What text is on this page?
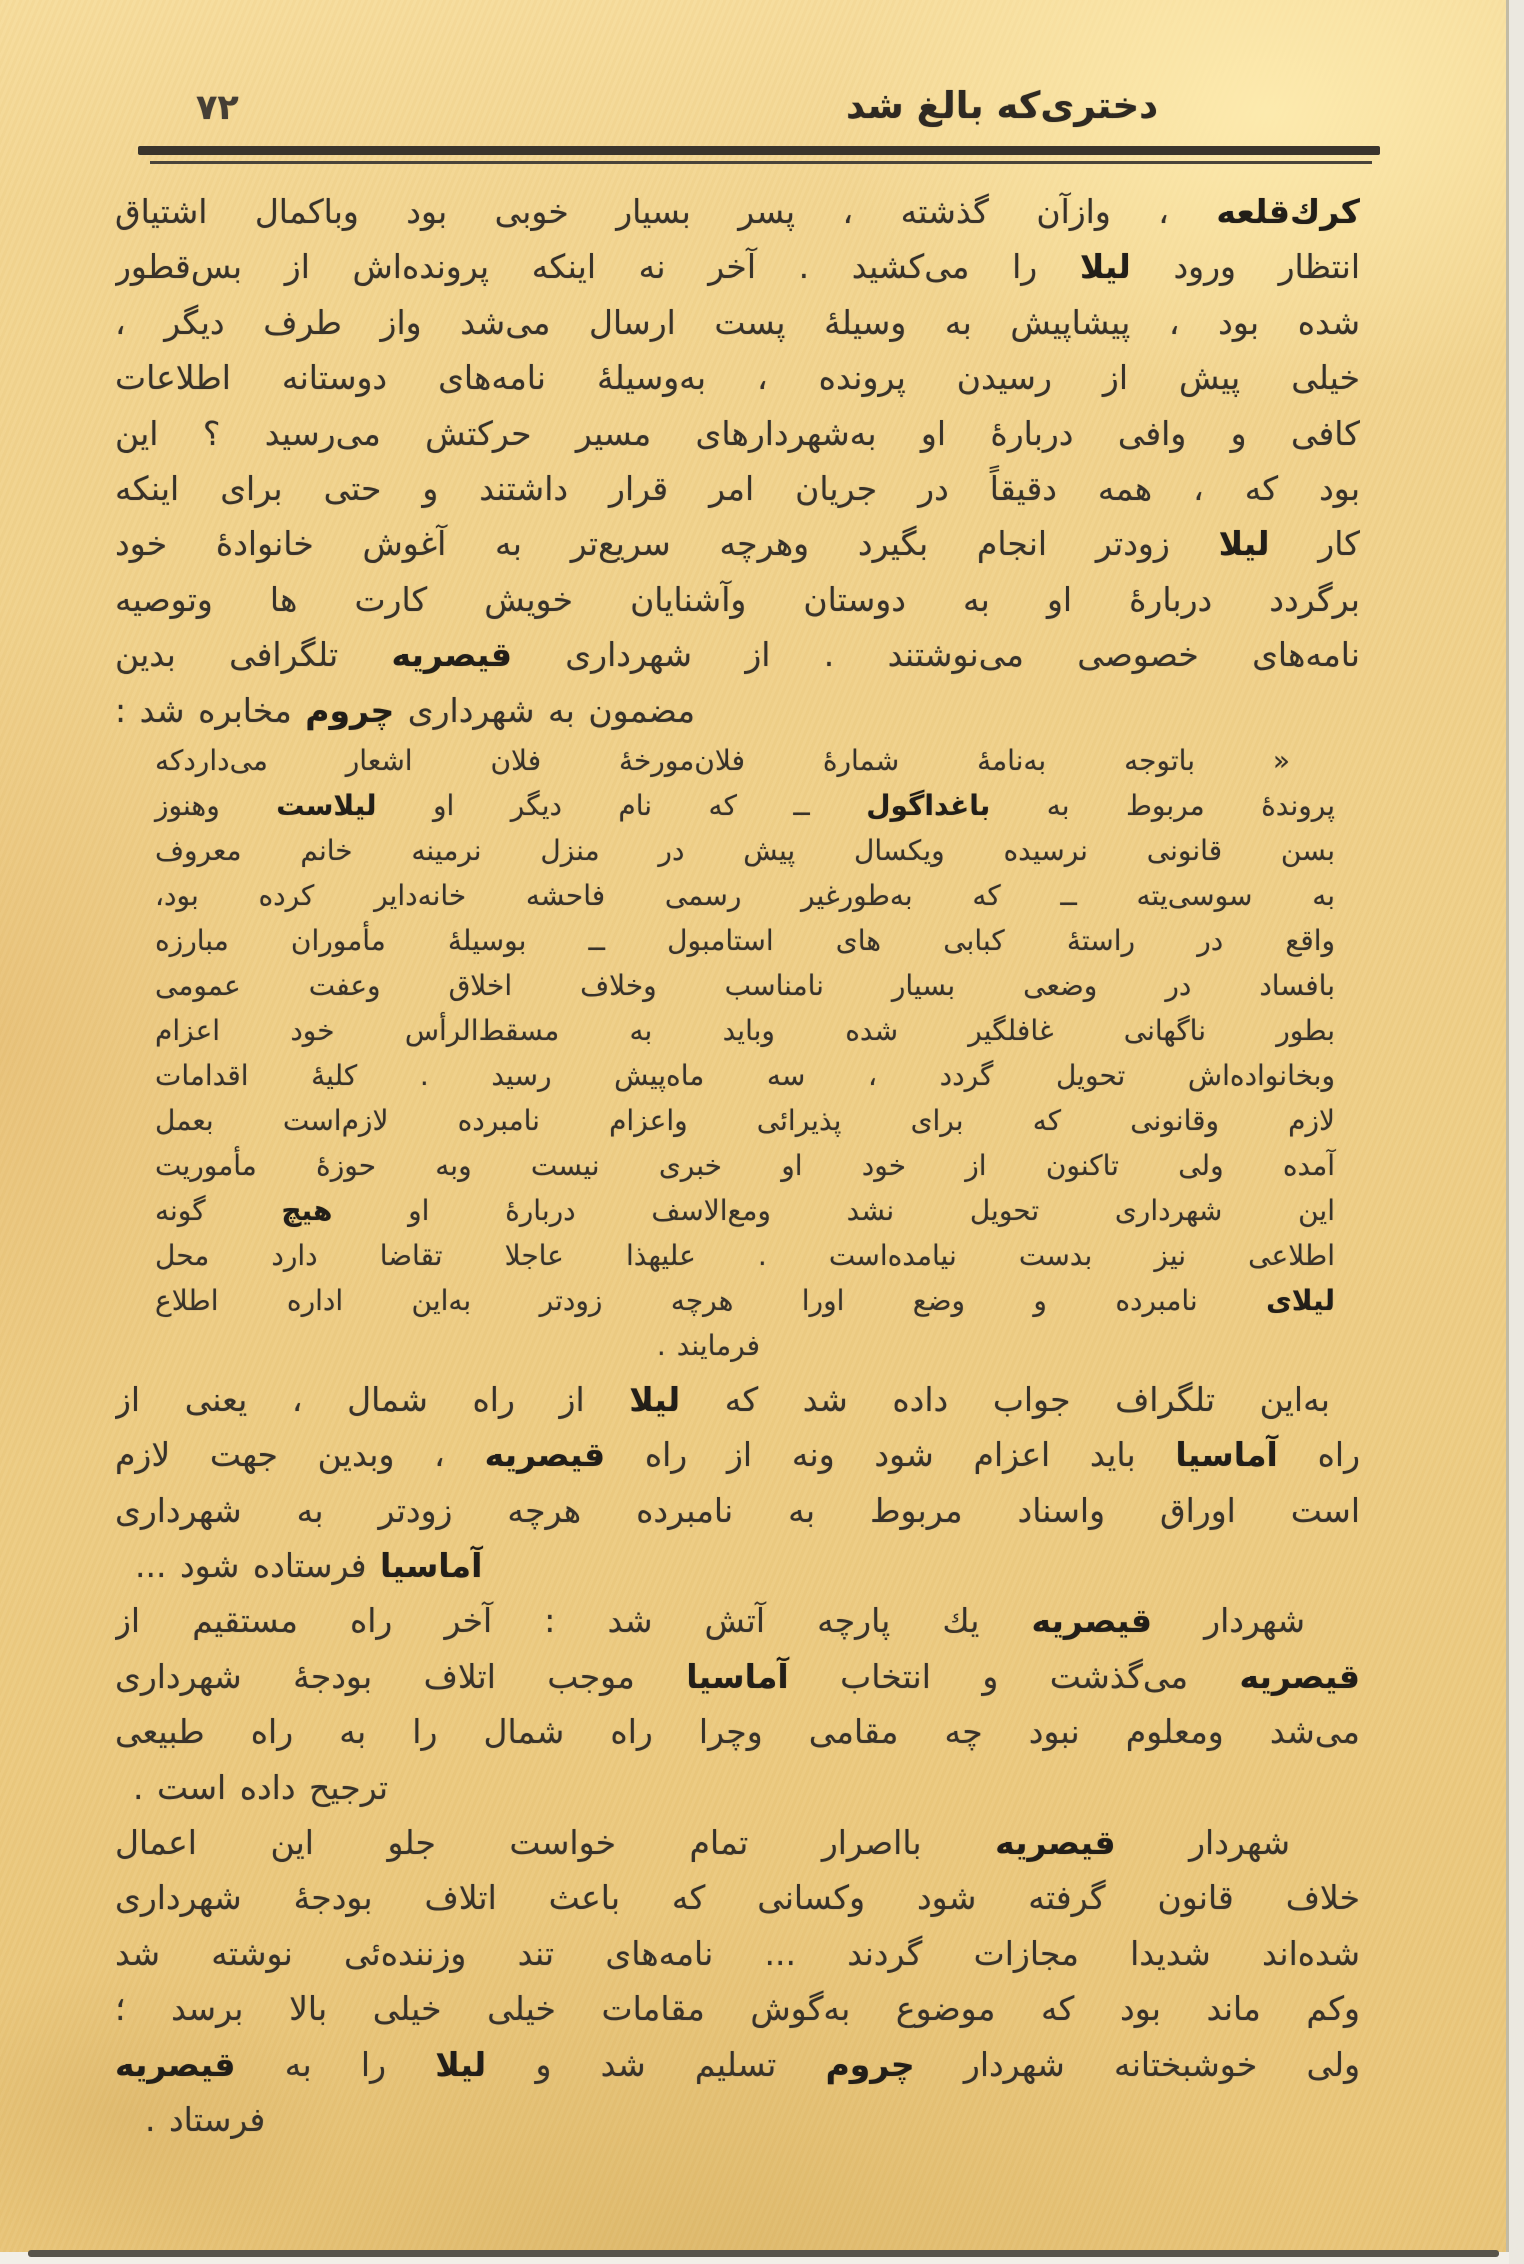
٧٢	دختری‌که بالغ شد
کرك‌قلعه ، وازآن گذشته ، پسر بسیار خوبی بود وباکمال اشتیاق
انتظار ورود لیلا را می‌کشید . آخر نه اینکه پرونده‌اش از بس‌قطور
شده بود ، پیشاپیش به وسیلهٔ پست ارسال می‌شد واز طرف دیگر ،
خیلی پیش از رسیدن پرونده ، به‌وسیلهٔ نامه‌های دوستانه اطلاعات
کافی و وافی دربارهٔ او به‌شهردارهای مسیر حرکتش می‌رسید ؟ این
بود که ، همه دقیقاً در جریان امر قرار داشتند و حتی برای اینکه
کار لیلا زودتر انجام بگیرد وهرچه سریع‌تر به آغوش خانوادهٔ خود
برگردد دربارهٔ او به دوستان وآشنایان خویش کارت ها وتوصیه
نامه‌های خصوصی می‌نوشتند . از شهرداری قیصریه تلگرافی بدین
مضمون به شهرداری چروم مخابره شد :
« باتوجه به‌نامهٔ شمارهٔ فلان‌مورخهٔ فلان اشعار می‌داردکه
پروندهٔ مربوط به باغداگول ــ که نام دیگر او لیلاست وهنوز
بسن قانونی نرسیده ویکسال پیش در منزل نرمینه خانم معروف
به سوسی‌یته ــ که به‌طورغیر رسمی فاحشه خانه‌دایر کرده بود،
واقع در راستهٔ کبابی های استامبول ــ بوسیلهٔ مأموران مبارزه
بافساد در وضعی بسیار نامناسب وخلاف اخلاق وعفت عمومی
بطور ناگهانی غافلگیر شده وباید به مسقط‌الرأس خود اعزام
وبخانواده‌اش تحویل گردد ، سه ماه‌پیش رسید . کلیهٔ اقدامات
لازم وقانونی که برای پذیرائی واعزام نامبرده لازم‌است بعمل
آمده ولی تاکنون از خود او خبری نیست وبه حوزهٔ مأموریت
این شهرداری تحویل نشد ومع‌الاسف دربارهٔ او هیچ گونه
اطلاعی نیز بدست نیامده‌است . علیهذا عاجلا تقاضا دارد محل
لیلای نامبرده و وضع اورا هرچه زودتر به‌این اداره اطلاع
فرمایند .
به‌این تلگراف جواب داده شد که لیلا از راه شمال ، یعنی از
راه آماسیا باید اعزام شود ونه از راه قیصریه ، وبدین جهت لازم
است اوراق واسناد مربوط به نامبرده هرچه زودتر به شهرداری
آماسیا فرستاده شود ...
شهردار قیصریه یك پارچه آتش شد : آخر راه مستقیم از
قیصریه می‌گذشت و انتخاب آماسیا موجب اتلاف بودجهٔ شهرداری
می‌شد ومعلوم نبود چه مقامی وچرا راه شمال را به راه طبیعی
ترجیح داده است .
شهردار قیصریه بااصرار تمام خواست جلو این اعمال
خلاف قانون گرفته شود وکسانی که باعث اتلاف بودجهٔ شهرداری
شده‌اند شدیدا مجازات گردند ... نامه‌های تند وزننده‌ئی نوشته شد
وکم ماند بود که موضوع به‌گوش مقامات خیلی خیلی بالا برسد ؛
ولی خوشبختانه شهردار چروم تسلیم شد و لیلا را به قیصریه
فرستاد .
